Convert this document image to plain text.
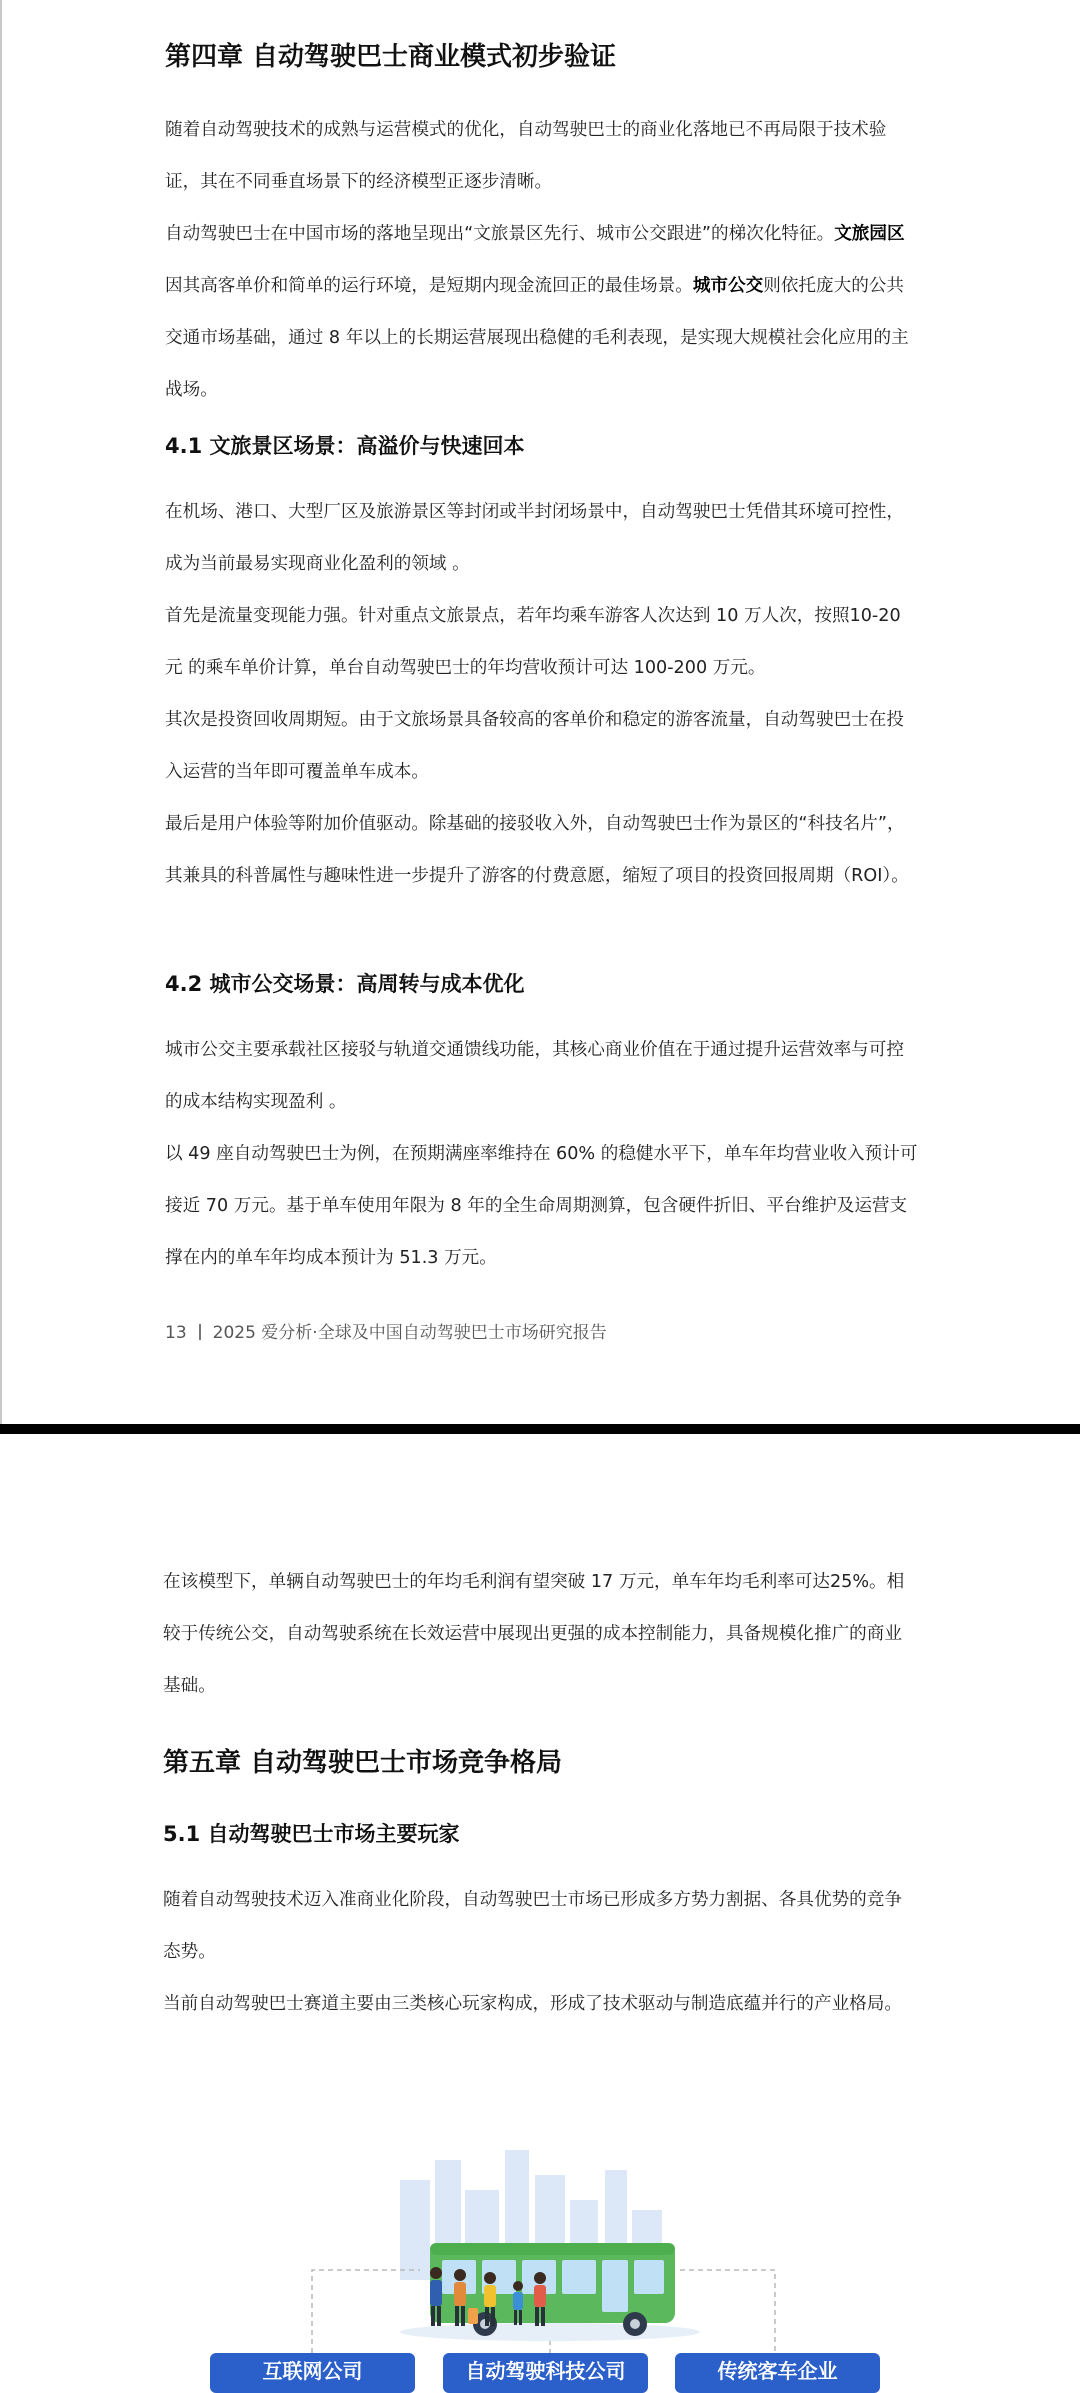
第四章 自动驾驶巴士商业模式初步验证

随着自动驾驶技术的成熟与运营模式的优化，自动驾驶巴士的商业化落地已不再局限于技术验证，其在不同垂直场景下的经济模型正逐步清晰。

自动驾驶巴士在中国市场的落地呈现出“文旅景区先行、城市公交跟进”的梯次化特征。文旅园区因其高客单价和简单的运行环境，是短期内现金流回正的最佳场景。城市公交则依托庞大的公共交通市场基础，通过 8 年以上的长期运营展现出稳健的毛利表现，是实现大规模社会化应用的主战场。

4.1 文旅景区场景：高溢价与快速回本

在机场、港口、大型厂区及旅游景区等封闭或半封闭场景中，自动驾驶巴士凭借其环境可控性，成为当前最易实现商业化盈利的领域 。

首先是流量变现能力强。针对重点文旅景点，若年均乘车游客人次达到 10 万人次，按照10-20 元 的乘车单价计算，单台自动驾驶巴士的年均营收预计可达 100-200 万元。

其次是投资回收周期短。由于文旅场景具备较高的客单价和稳定的游客流量，自动驾驶巴士在投入运营的当年即可覆盖单车成本。

最后是用户体验等附加价值驱动。除基础的接驳收入外，自动驾驶巴士作为景区的“科技名片”，其兼具的科普属性与趣味性进一步提升了游客的付费意愿，缩短了项目的投资回报周期（ROI）。

4.2 城市公交场景：高周转与成本优化

城市公交主要承载社区接驳与轨道交通馈线功能，其核心商业价值在于通过提升运营效率与可控的成本结构实现盈利 。

以 49 座自动驾驶巴士为例，在预期满座率维持在 60% 的稳健水平下，单车年均营业收入预计可接近 70 万元。基于单车使用年限为 8 年的全生命周期测算，包含硬件折旧、平台维护及运营支撑在内的单车年均成本预计为 51.3 万元。

13 2025 爱分析·全球及中国自动驾驶巴士市场研究报告

在该模型下，单辆自动驾驶巴士的年均毛利润有望突破 17 万元，单车年均毛利率可达25%。相较于传统公交，自动驾驶系统在长效运营中展现出更强的成本控制能力，具备规模化推广的商业基础。

第五章 自动驾驶巴士市场竞争格局
5.1 自动驾驶巴士市场主要玩家

随着自动驾驶技术迈入准商业化阶段，自动驾驶巴士市场已形成多方势力割据、各具优势的竞争态势。

当前自动驾驶巴士赛道主要由三类核心玩家构成，形成了技术驱动与制造底蕴并行的产业格局。

互联网公司	自动驾驶科技公司	传统客车企业
